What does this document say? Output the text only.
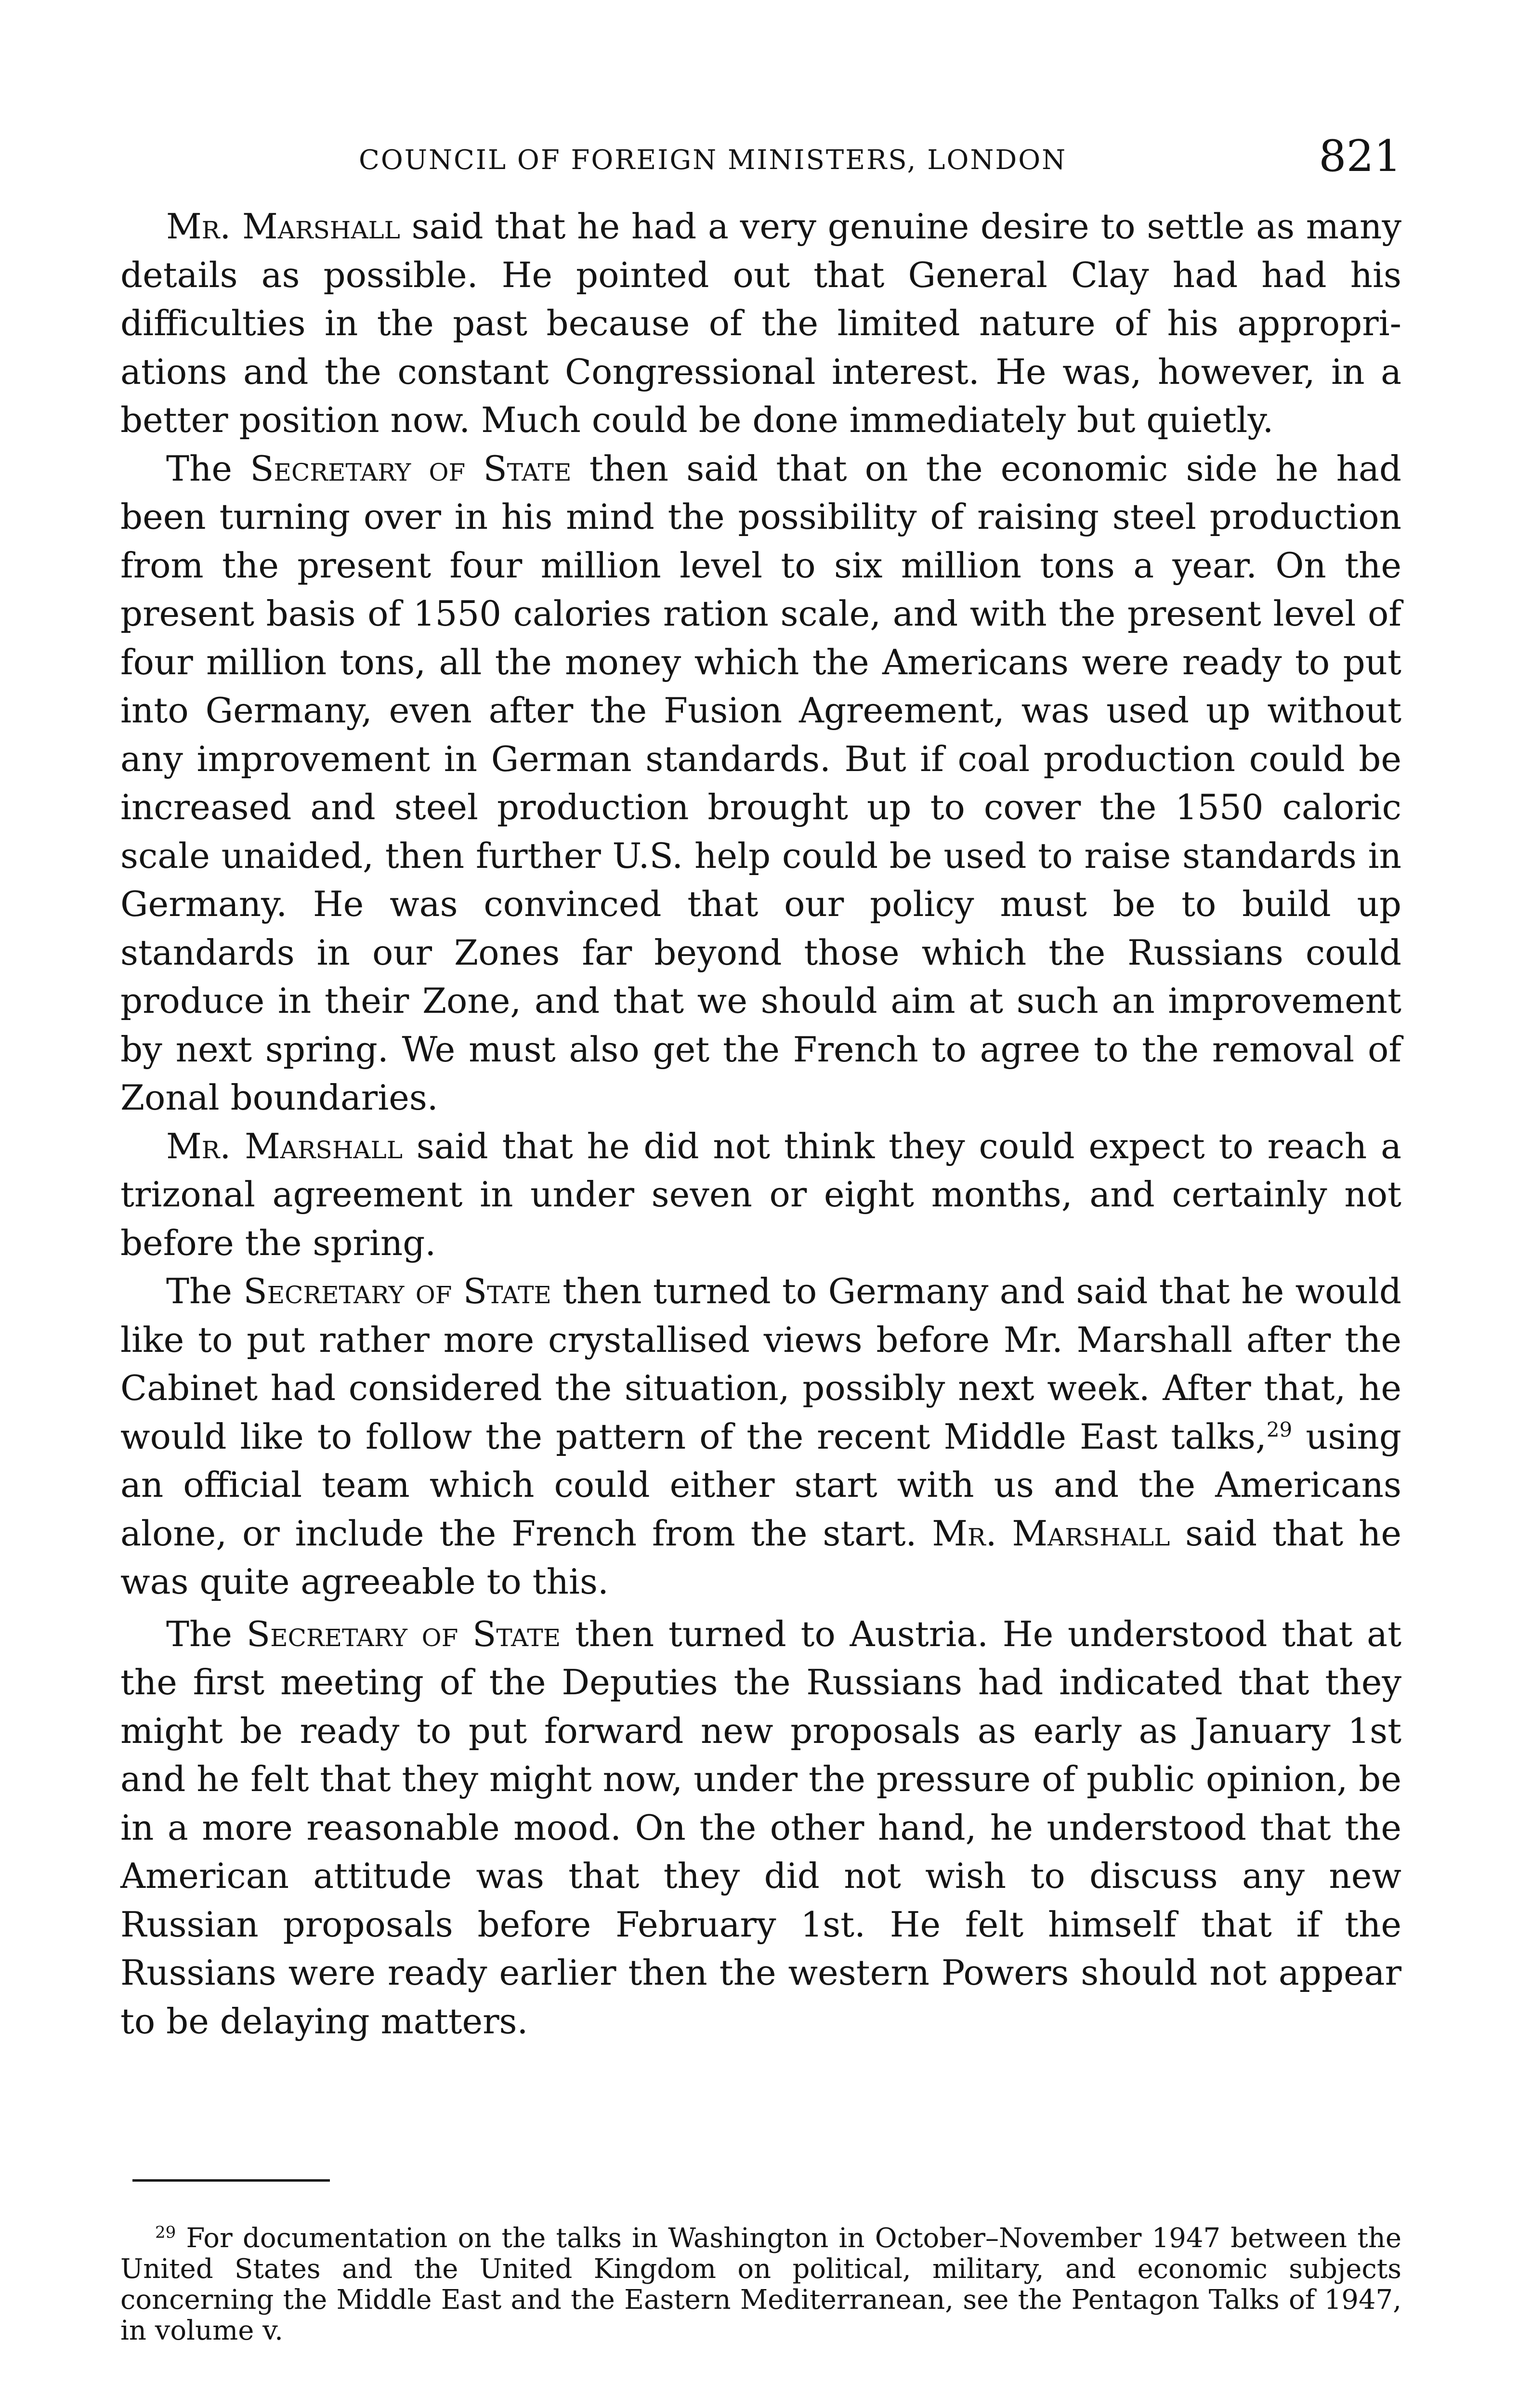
COUNCIL OF FOREIGN MINISTERS, LONDON	821

Mr. Marshall said that he had a very genuine desire to settle as many details as possible. He pointed out that General Clay had had his difficulties in the past because of the limited nature of his appropriations and the constant Congressional interest. He was, however, in a better position now. Much could be done immediately but quietly.

The Secretary of State then said that on the economic side he had been turning over in his mind the possibility of raising steel production from the present four million level to six million tons a year. On the present basis of 1550 calories ration scale, and with the present level of four million tons, all the money which the Americans were ready to put into Germany, even after the Fusion Agreement, was used up without any improvement in German standards. But if coal production could be increased and steel production brought up to cover the 1550 caloric scale unaided, then further U.S. help could be used to raise standards in Germany. He was convinced that our policy must be to build up standards in our Zones far beyond those which the Russians could produce in their Zone, and that we should aim at such an improvement by next spring. We must also get the French to agree to the removal of Zonal boundaries.

Mr. Marshall said that he did not think they could expect to reach a trizonal agreement in under seven or eight months, and certainly not before the spring.

The Secretary of State then turned to Germany and said that he would like to put rather more crystallised views before Mr. Marshall after the Cabinet had considered the situation, possibly next week. After that, he would like to follow the pattern of the recent Middle East talks,$^{29}$ using an official team which could either start with us and the Americans alone, or include the French from the start. Mr. Marshall said that he was quite agreeable to this.

The Secretary of State then turned to Austria. He understood that at the first meeting of the Deputies the Russians had indicated that they might be ready to put forward new proposals as early as January 1st and he felt that they might now, under the pressure of public opinion, be in a more reasonable mood. On the other hand, he understood that the American attitude was that they did not wish to discuss any new Russian proposals before February 1st. He felt himself that if the Russians were ready earlier then the western Powers should not appear to be delaying matters.

$^{29}$ For documentation on the talks in Washington in October–November 1947 between the United States and the United Kingdom on political, military, and economic subjects concerning the Middle East and the Eastern Mediterranean, see the Pentagon Talks of 1947, in volume v.
